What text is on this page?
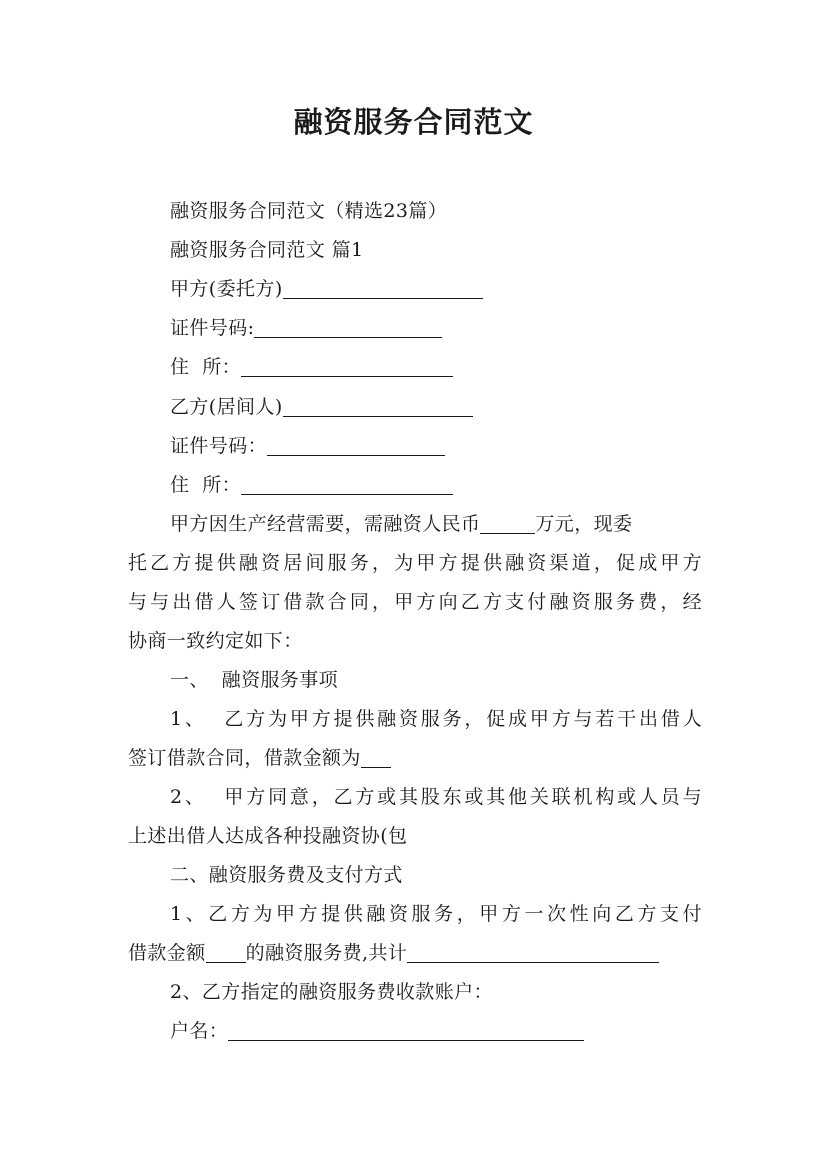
融资服务合同范文
融资服务合同范文（精选23篇）
融资服务合同范文 篇1
甲方(委托方)
证件号码:
住  所：
乙方(居间人)
证件号码：
住  所：
甲方因生产经营需要，需融资人民币	万元，现委
托乙方提供融资居间服务，为甲方提供融资渠道，促成甲方
与与出借人签订借款合同，甲方向乙方支付融资服务费，经
协商一致约定如下：
一、  融资服务事项
1、  乙方为甲方提供融资服务，促成甲方与若干出借人
签订借款合同，借款金额为
2、  甲方同意，乙方或其股东或其他关联机构或人员与
上述出借人达成各种投融资协(包
二、融资服务费及支付方式
1、乙方为甲方提供融资服务，甲方一次性向乙方支付
借款金额 的融资服务费,共计
2、乙方指定的融资服务费收款账户：
户名：
